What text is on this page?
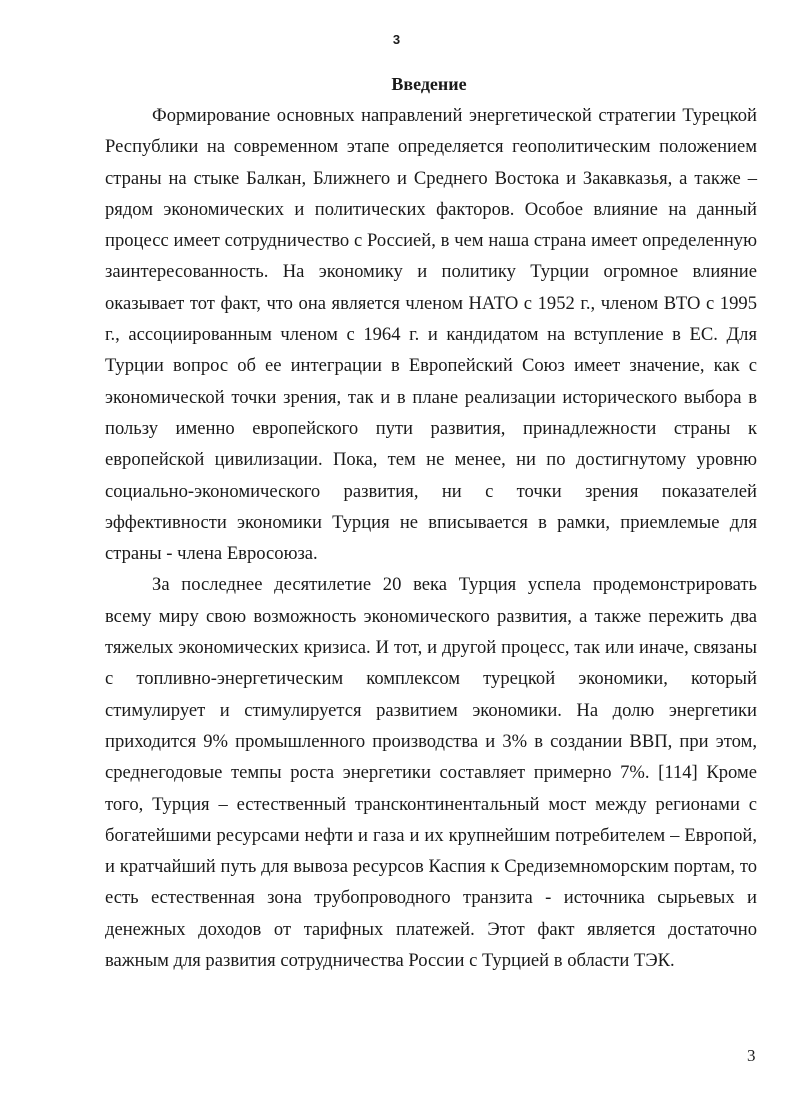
3
Введение

Формирование основных направлений энергетической стратегии Турецкой Республики на современном этапе определяется геополитическим положением страны на стыке Балкан, Ближнего и Среднего Востока и Закавказья, а также – рядом экономических и политических факторов. Особое влияние на данный процесс имеет сотрудничество с Россией, в чем наша страна имеет определенную заинтересованность. На экономику и политику Турции огромное влияние оказывает тот факт, что она является членом НАТО с 1952 г., членом ВТО с 1995 г., ассоциированным членом с 1964 г. и кандидатом на вступление в ЕС. Для Турции вопрос об ее интеграции в Европейский Союз имеет значение, как с экономической точки зрения, так и в плане реализации исторического выбора в пользу именно европейского пути развития, принадлежности страны к европейской цивилизации. Пока, тем не менее, ни по достигнутому уровню социально-экономического развития, ни с точки зрения показателей эффективности экономики Турция не вписывается в рамки, приемлемые для страны - члена Евросоюза.

За последнее десятилетие 20 века Турция успела продемонстрировать всему миру свою возможность экономического развития, а также пережить два тяжелых экономических кризиса. И тот, и другой процесс, так или иначе, связаны с топливно-энергетическим комплексом турецкой экономики, который стимулирует и стимулируется развитием экономики. На долю энергетики приходится 9% промышленного производства и 3% в создании ВВП, при этом, среднегодовые темпы роста энергетики составляет примерно 7%. [114] Кроме того, Турция – естественный трансконтинентальный мост между регионами с богатейшими ресурсами нефти и газа и их крупнейшим потребителем – Европой, и кратчайший путь для вывоза ресурсов Каспия к Средиземноморским портам, то есть естественная зона трубопроводного транзита - источника сырьевых и денежных доходов от тарифных платежей. Этот факт является достаточно важным для развития сотрудничества России с Турцией в области ТЭК.

3
